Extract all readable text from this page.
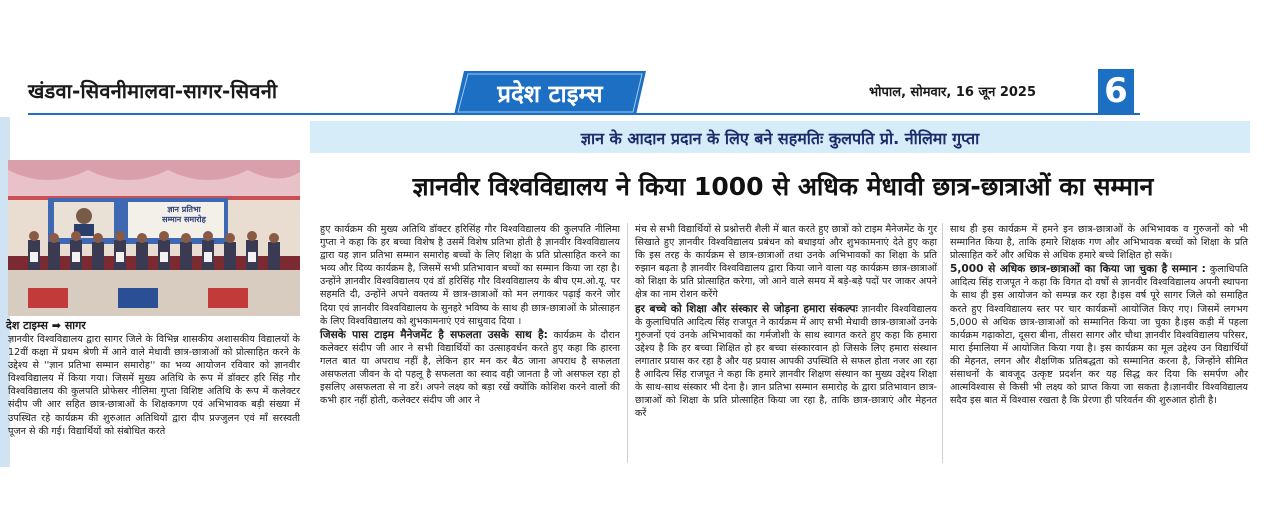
खंडवा-सिवनीमालवा-सागर-सिवनी	प्रदेश टाइम्स	भोपाल, सोमवार, 16 जून 2025 6
ज्ञान के आदान प्रदान के लिए बने सहमतिः कुलपति प्रो. नीलिमा गुप्ता
ज्ञान प्रतिभा
सम्मान समारोह
देश टाइम्स ➡ सागर
ज्ञानवीर विश्वविद्यालय ने किया 1000 से अधिक मेधावी छात्र-छात्राओं का सम्मान

ज्ञानवीर विश्वविद्यालय द्वारा सागर जिले के विभिन्न शासकीय अशासकीय विद्यालयों के 12वीं कक्षा में प्रथम श्रेणी में आने वाले मेधावी छात्र-छात्राओं को प्रोत्साहित करने के उद्देश्य से ''ज्ञान प्रतिभा सम्मान समारोह'' का भव्य आयोजन रविवार को ज्ञानवीर विश्वविद्यालय में किया गया। जिसमें मुख्य अतिथि के रूप में डॉक्टर हरि सिंह गौर विश्वविद्यालय की कुलपति प्रोफेसर नीलिमा गुप्ता विशिष्ट अतिथि के रूप में कलेक्टर संदीप जी आर सहित छात्र-छात्राओं के शिक्षकगण एवं अभिभावक बड़ी संख्या में उपस्थित रहे कार्यक्रम की शुरुआत अतिथियों द्वारा दीप प्रज्जुलन एवं माँ सरस्वती पूजन से की गई। विद्यार्थियों को संबोधित करते

हुए कार्यक्रम की मुख्य अतिथि डॉक्टर हरिसिंह गौर विश्वविद्यालय की कुलपति नीलिमा गुप्ता ने कहा कि हर बच्चा विशेष है उसमें विशेष प्रतिभा होती है ज्ञानवीर विश्वविद्यालय द्वारा यह ज्ञान प्रतिभा सम्मान समारोह बच्चों के लिए शिक्षा के प्रति प्रोत्साहित करने का भव्य और दिव्य कार्यक्रम है, जिसमें सभी प्रतिभावान बच्चों का सम्मान किया जा रहा है। उन्होंने ज्ञानवीर विश्वविद्यालय एवं डॉ हरिसिंह गौर विश्वविद्यालय के बीच एम.ओ.यू. पर सहमति दी, उन्होंने अपने वक्तव्य में छात्र-छात्राओं को मन लगाकर पढ़ाई करने जोर दिया एवं ज्ञानवीर विश्वविद्यालय के सुनहरे भविष्य के साथ ही छात्र-छात्राओं के प्रोत्साहन के लिए विश्वविद्यालय को शुभकामनाएं एवं साधुवाद दिया ।

जिसके पास टाइम मैनेजमेंट है सफलता उसके साथ है: कार्यक्रम के दौरान कलेक्टर संदीप जी आर ने सभी विद्यार्थियों का उत्साहवर्धन करते हुए कहा कि हारना गलत बात या अपराध नहीं है, लेकिन हार मन कर बैठ जाना अपराध है सफलता असफलता जीवन के दो पहलू है सफलता का स्वाद वही जानता है जो असफल रहा हो इसलिए असफलता से ना डरें। अपने लक्ष्य को बड़ा रखें क्योंकि कोशिश करने वालों की कभी हार नहीं होती, कलेक्टर संदीप जी आर ने

मंच से सभी विद्यार्थियों से प्रश्नोत्तरी शैली में बात करते हुए छात्रों को टाइम मैनेजमेंट के गुर सिखाते हुए ज्ञानवीर विश्वविद्यालय प्रबंधन को बधाइयां और शुभकामनाएं देते हुए कहा कि इस तरह के कार्यक्रम से छात्र-छात्राओं तथा उनके अभिभावकों का शिक्षा के प्रति रुझान बढ़ता है ज्ञानवीर विश्वविद्यालय द्वारा किया जाने वाला यह कार्यक्रम छात्र-छात्राओं को शिक्षा के प्रति प्रोत्साहित करेगा, जो आने वाले समय में बड़े-बड़े पदों पर जाकर अपने क्षेत्र का नाम रोशन करेंगे

हर बच्चे को शिक्षा और संस्कार से जोड़ना हमारा संकल्पः ज्ञानवीर विश्वविद्यालय के कुलाधिपति आदित्य सिंह राजपूत ने कार्यक्रम में आए सभी मेधावी छात्र-छात्राओं उनके गुरुजनों एवं उनके अभिभावकों का गर्मजोशी के साथ स्वागत करते हुए कहा कि हमारा उद्देश्य है कि हर बच्चा शिक्षित हो हर बच्चा संस्कारवान हो जिसके लिए हमारा संस्थान लगातार प्रयास कर रहा है और यह प्रयास आपकी उपस्थिति से सफल होता नजर आ रहा है आदित्य सिंह राजपूत ने कहा कि हमारे ज्ञानवीर शिक्षण संस्थान का मुख्य उद्देश्य शिक्षा के साथ-साथ संस्कार भी देना है। ज्ञान प्रतिभा सम्मान समारोह के द्वारा प्रतिभावान छात्र-छात्राओं को शिक्षा के प्रति प्रोत्साहित किया जा रहा है, ताकि छात्र-छात्राएं और मेहनत करें

साथ ही इस कार्यक्रम में हमने इन छात्र-छात्राओं के अभिभावक व गुरुजनों को भी सम्मानित किया है, ताकि हमारे शिक्षक गण और अभिभावक बच्चों को शिक्षा के प्रति प्रोत्साहित करें और अधिक से अधिक हमारे बच्चे शिक्षित हो सकें।

5,000 से अधिक छात्र-छात्राओं का किया जा चुका है सम्मान : कुलाधिपति आदित्य सिंह राजपूत ने कहा कि विगत दो वर्षों से ज्ञानवीर विश्वविद्यालय अपनी स्थापना के साथ ही इस आयोजन को सम्पन्न कर रहा है।इस वर्ष पूरे सागर जिले को समाहित करते हुए विश्वविद्यालय स्तर पर चार कार्यक्रमों आयोजित किए गए। जिसमें लगभग 5,000 से अधिक छात्र-छात्राओं को सम्मानित किया जा चुका है।इस कड़ी में पहला कार्यक्रम गढ़ाकोटा, दूसरा बीना, तीसरा सागर और चौथा ज्ञानवीर विश्वविद्यालय परिसर, मारा ईमालिया में आयोजित किया गया है। इस कार्यक्रम का मूल उद्देश्य उन विद्यार्थियों की मेहनत, लगन और शैक्षणिक प्रतिबद्धता को सम्मानित करना है, जिन्होंने सीमित संसाधनों के बावजूद उत्कृष्ट प्रदर्शन कर यह सिद्ध कर दिया कि समर्पण और आत्मविश्वास से किसी भी लक्ष्य को प्राप्त किया जा सकता है।ज्ञानवीर विश्वविद्यालय सदैव इस बात में विश्वास रखता है कि प्रेरणा ही परिवर्तन की शुरुआत होती है।
